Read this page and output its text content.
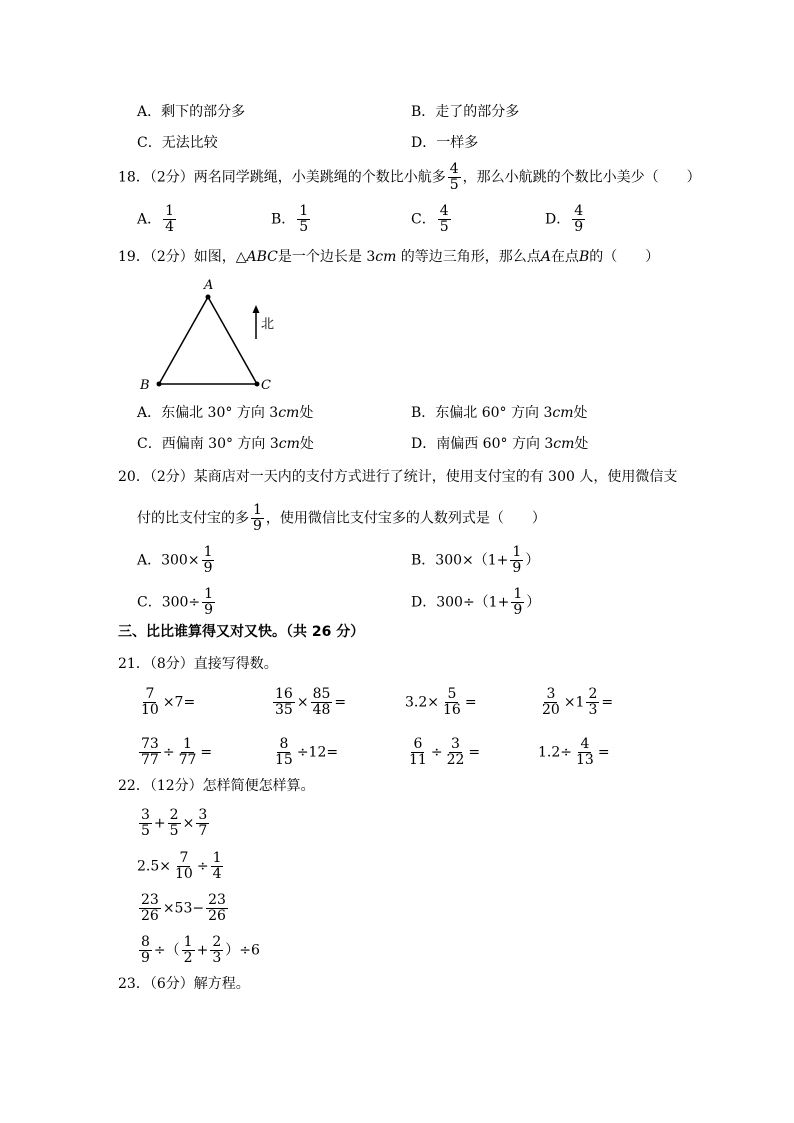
A．剩下的部分多	B．走了的部分多
C．无法比较	D．一样多
18．（2分）两名同学跳绳，小美跳绳的个数比小航多 $\frac{4}{5}$ ，那么小航跳的个数比小美少（　　）
A． $\frac{1}{4}$	B． $\frac{1}{5}$	C． $\frac{4}{5}$	D． $\frac{4}{9}$
19．（2分）如图，△ABC是一个边长是 3cm 的等边三角形，那么点A在点B的（　　）
A
B	C
北
A．东偏北 30° 方向 3cm处	B．东偏北 60° 方向 3cm处
C．西偏南 30° 方向 3cm处	D．南偏西 60° 方向 3cm处
20．（2分）某商店对一天内的支付方式进行了统计，使用支付宝的有 300 人，使用微信支
付的比支付宝的多 $\frac{1}{9}$ ，使用微信比支付宝多的人数列式是（　　）
A．$300\times \frac{1}{9}$	B．$300\times(1+ \frac{1}{9}$ ）
C．$300\div \frac{1}{9}$	D．$300\div(1+ \frac{1}{9}$ ）
三、比比谁算得又对又快。（共 26 分）
21．（8分）直接写得数。
$\frac{7}{10} \times 7=$	$\frac{16}{35} \times \frac{85}{48}$ =	$3.2\times \frac{5}{16}$ =	$\frac{3}{20} \times 1 \frac{2}{3}$ =
$\frac{73}{77} \div \frac{1}{77}$ =	$\frac{8}{15} \div 12=$	$\frac{6}{11} \div \frac{3}{22}$ =	$1.2\div \frac{4}{13}$ =
22．（12分）怎样简便怎样算。
$\frac{3}{5} + \frac{2}{5} \times \frac{3}{7}$
$2.5\times \frac{7}{10} \div \frac{1}{4}$
$\frac{23}{26} \times 53- \frac{23}{26}$
$\frac{8}{9}$ ÷（ $\frac{1}{2} + \frac{2}{3} )\div 6$
23．（6分）解方程。
